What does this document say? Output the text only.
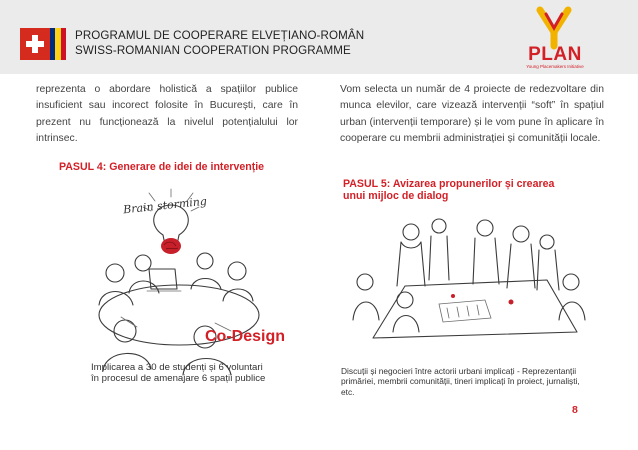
PROGRAMUL DE COOPERARE ELVEȚIANO-ROMÂN
SWISS-ROMANIAN COOPERATION PROGRAMME	PLAN
Young Placemakers Initiative
reprezenta o abordare holistică a spațiilor publice insuficient sau incorect folosite în București, care în prezent nu funcționează la nivelul potențialului lor intrinsec.
Vom selecta un număr de 4 proiecte de redezvoltare din munca elevilor, care vizează intervenții “soft” în spațiul urban (intervenții temporare) și le vom pune în aplicare în cooperare cu membrii administrației și comunității locale.
PASUL 4: Generare de idei de intervenție
Brain storming
Co-Design
Implicarea a 30 de studenți și 6 voluntari
în procesul de amenajare 6 spații publice
PASUL 5: Avizarea propunerilor și crearea
unui mijloc de dialog
Discuții și negocieri între actorii urbani implicați - Reprezentanții
primăriei, membrii comunității, tineri implicați în proiect, jurnaliști, etc.
8
